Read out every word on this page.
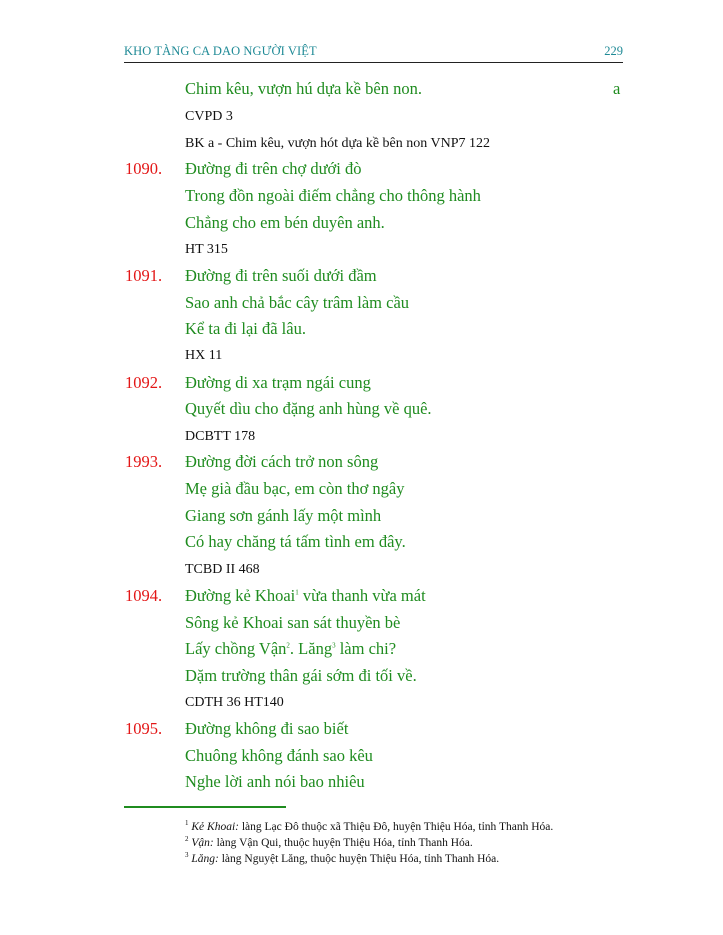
KHO TÀNG CA DAO NGƯỜI VIỆT	229
a
Chim kêu, vượn hú dựa kề bên non.
CVPD 3
BK a - Chim kêu, vượn hót dựa kề bên non VNP7 122
1090. Đường đi trên chợ dưới đò
Trong đồn ngoài điếm chẳng cho thông hành
Chẳng cho em bén duyên anh.
HT 315
1091. Đường đi trên suối dưới đầm
Sao anh chả bắc cây trâm làm cầu
Kể ta đi lại đã lâu.
HX 11
1092. Đường di xa trạm ngái cung
Quyết dìu cho đặng anh hùng về quê.
DCBTT 178
1993. Đường đời cách trở non sông
Mẹ già đầu bạc, em còn thơ ngây
Giang sơn gánh lấy một mình
Có hay chăng tá tấm tình em đây.
TCBD II 468
1094. Đường kẻ Khoai$^1$ vừa thanh vừa mát
Sông kẻ Khoai san sát thuyền bè
Lấy chồng Vận$^2$. Lăng$^3$ làm chi?
Dặm trường thân gái sớm đi tối về.
CDTH 36 HT140
1095. Đường không đi sao biết
Chuông không đánh sao kêu
Nghe lời anh nói bao nhiêu
$^1$ Kẻ Khoai: làng Lạc Đô thuộc xã Thiệu Đô, huyện Thiệu Hóa, tỉnh Thanh Hóa.
$^2$ Vận: làng Vận Qui, thuộc huyện Thiệu Hóa, tỉnh Thanh Hóa.
$^3$ Lăng: làng Nguyệt Lăng, thuộc huyện Thiệu Hóa, tỉnh Thanh Hóa.
